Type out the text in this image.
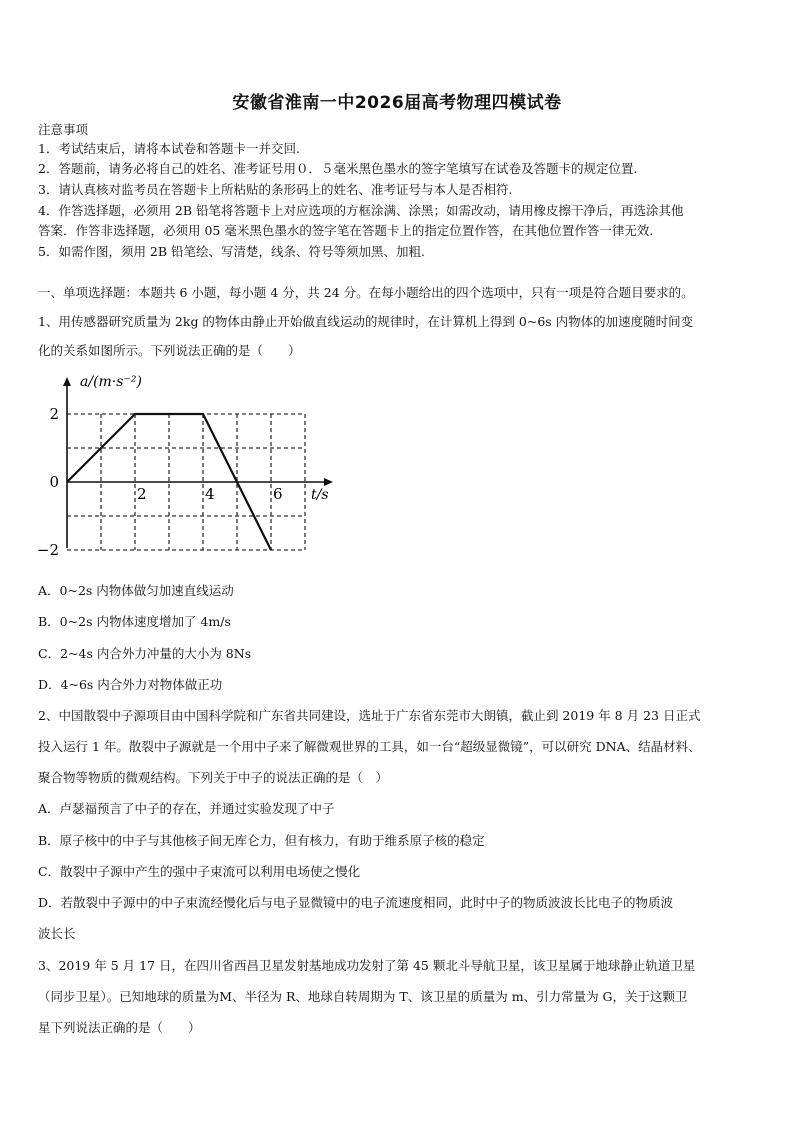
安徽省淮南一中2026届高考物理四模试卷
注意事项
1．考试结束后，请将本试卷和答题卡一并交回.
2．答题前，请务必将自己的姓名、准考证号用０．５毫米黑色墨水的签字笔填写在试卷及答题卡的规定位置.
3．请认真核对监考员在答题卡上所粘贴的条形码上的姓名、准考证号与本人是否相符.
4．作答选择题，必须用 2B 铅笔将答题卡上对应选项的方框涂满、涂黑；如需改动，请用橡皮擦干净后，再选涂其他
答案．作答非选择题，必须用 05 毫米黑色墨水的签字笔在答题卡上的指定位置作答，在其他位置作答一律无效.
5．如需作图，须用 2B 铅笔绘、写清楚，线条、符号等须加黑、加粗.
一、单项选择题：本题共 6 小题，每小题 4 分，共 24 分。在每小题给出的四个选项中，只有一项是符合题目要求的。
1、用传感器研究质量为 2kg 的物体由静止开始做直线运动的规律时，在计算机上得到 0~6s 内物体的加速度随时间变
化的关系如图所示。下列说法正确的是（　　）
2
0
−2
2	4	6
a/(m·s⁻²)
t/s
A．0~2s 内物体做匀加速直线运动
B．0~2s 内物体速度增加了 4m/s
C．2~4s 内合外力冲量的大小为 8Ns
D．4~6s 内合外力对物体做正功
2、中国散裂中子源项目由中国科学院和广东省共同建设，选址于广东省东莞市大朗镇，截止到 2019 年 8 月 23 日正式
投入运行 1 年。散裂中子源就是一个用中子来了解微观世界的工具，如一台“超级显微镜”，可以研究 DNA、结晶材料、
聚合物等物质的微观结构。下列关于中子的说法正确的是（　）
A．卢瑟福预言了中子的存在，并通过实验发现了中子
B．原子核中的中子与其他核子间无库仑力，但有核力，有助于维系原子核的稳定
C．散裂中子源中产生的强中子束流可以利用电场使之慢化
D．若散裂中子源中的中子束流经慢化后与电子显微镜中的电子流速度相同，此时中子的物质波波长比电子的物质波
波长长
3、2019 年 5 月 17 日，在四川省西昌卫星发射基地成功发射了第 45 颗北斗导航卫星，该卫星属于地球静止轨道卫星
（同步卫星）。已知地球的质量为M、半径为 R、地球自转周期为 T、该卫星的质量为 m、引力常量为 G，关于这颗卫
星下列说法正确的是（　　）
